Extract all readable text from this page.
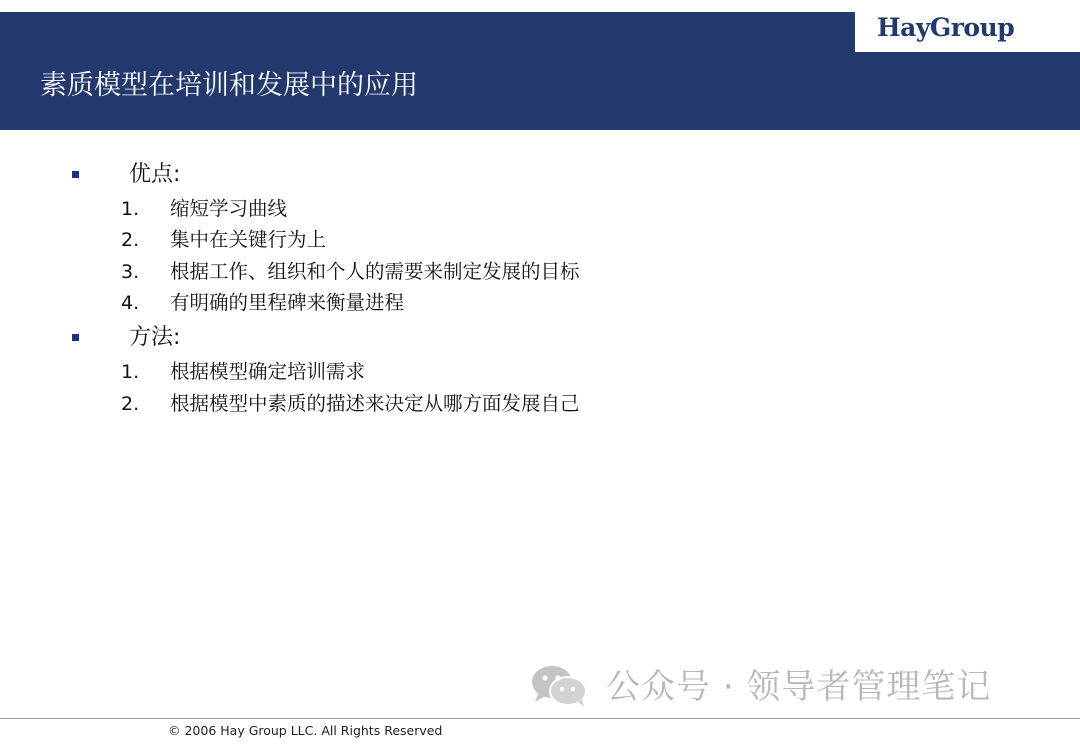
HayGroup
素质模型在培训和发展中的应用
优点:
1. 缩短学习曲线
2. 集中在关键行为上
3. 根据工作、组织和个人的需要来制定发展的目标
4. 有明确的里程碑来衡量进程
方法:
1. 根据模型确定培训需求
2. 根据模型中素质的描述来决定从哪方面发展自己
公众号 · 领导者管理笔记
© 2006 Hay Group LLC. All Rights Reserved
